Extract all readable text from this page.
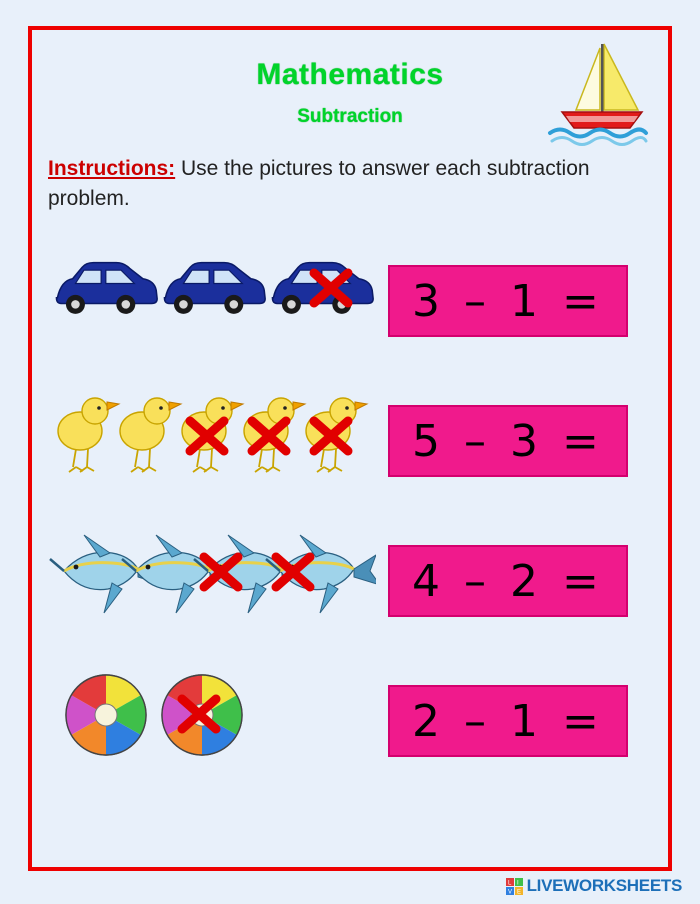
Mathematics
Subtraction
Instructions: Use the pictures to answer each subtraction problem.
3 – 1 =
5 – 3 =
4 – 2 =
2 – 1 =
L I
V E LIVEWORKSHEETS
